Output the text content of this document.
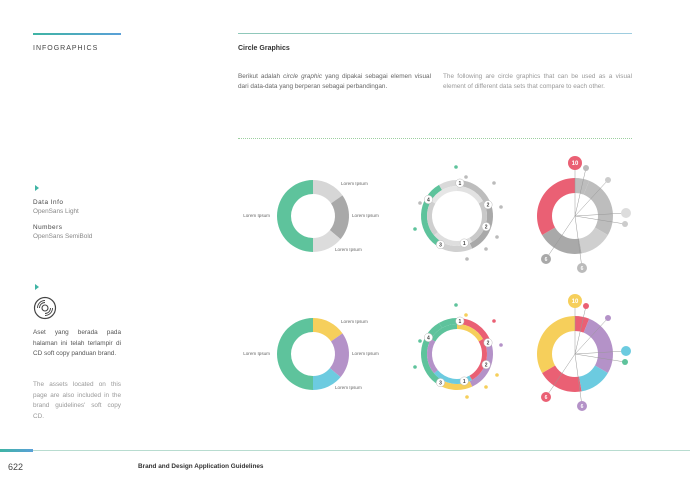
INFOGRAPHICS	Circle Graphics
Berikut adalah circle graphic yang dipakai sebagai elemen visual dari data-data yang berperan sebagai perbandingan.
The following are circle graphics that can be used as a visual element of different data sets that compare to each other.
Data Info
OpenSans Light
Numbers
OpenSans SemiBold
Aset yang berada pada halaman ini telah terlampir di CD soft copy panduan brand.
The assets located on this page are also included in the brand guidelines' soft copy CD.
Lorem Ipsum
Lorem Ipsum	Lorem Ipsum
Lorem Ipsum
1
2
2
1
3
4
10
6
6
Lorem Ipsum
Lorem Ipsum	Lorem Ipsum
Lorem Ipsum
1
2
2
1
3
4
10
6
6
622	Brand and Design Application Guidelines
